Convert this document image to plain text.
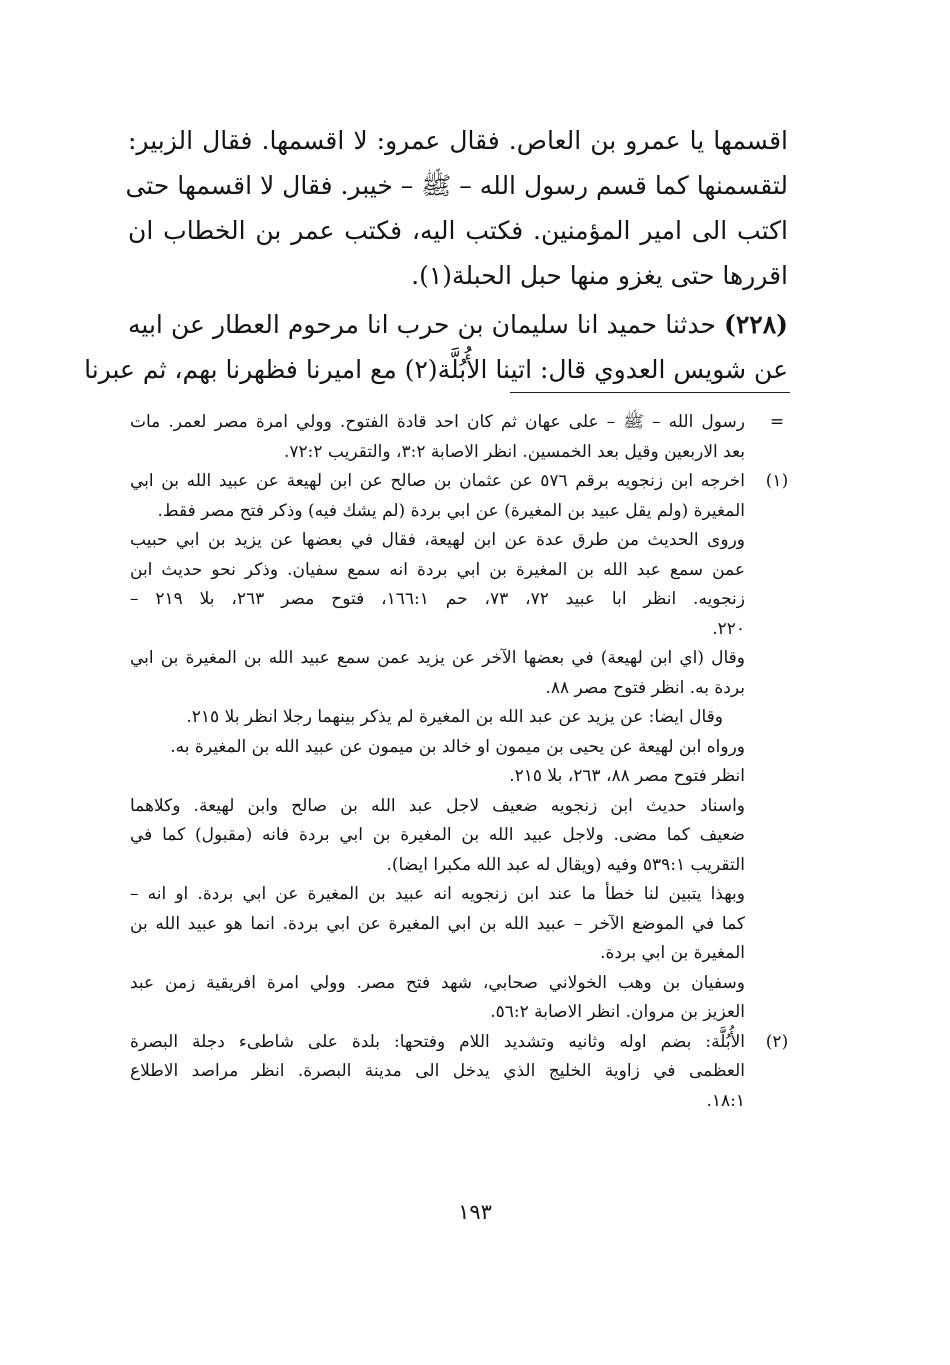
اقسمها يا عمرو بن العاص. فقال عمرو: لا اقسمها. فقال الزبير:
لتقسمنها كما قسم رسول الله – ﷺ – خيبر. فقال لا اقسمها حتى
اكتب الى امير المؤمنين. فكتب اليه، فكتب عمر بن الخطاب ان
اقررها حتى يغزو منها حبل الحبلة(١).
(٢٢٨) حدثنا حميد انا سليمان بن حرب انا مرحوم العطار عن ابيه
عن شويس العدوي قال: اتينا الأُبُلَّة(٢) مع اميرنا فظهرنا بهم، ثم عبرنا
=
رسول الله – ﷺ – على عهان ثم كان احد قادة الفتوح. وولي امرة مصر لعمر. مات
بعد الاربعين وقيل بعد الخمسين. انظر الاصابة ٣:٢، والتقريب ٧٢:٢.
(١)
اخرجه ابن زنجويه برقم ٥٧٦ عن عثمان بن صالح عن ابن لهيعة عن عبيد الله بن ابي
المغيرة (ولم يقل عبيد بن المغيرة) عن ابي بردة (لم يشك فيه) وذكر فتح مصر فقط.
وروى الحديث من طرق عدة عن ابن لهيعة، فقال في بعضها عن يزيد بن ابي حبيب
عمن سمع عبد الله بن المغيرة بن ابي بردة انه سمع سفيان. وذكر نحو حديث ابن
زنجويه. انظر ابا عبيد ٧٢، ٧٣، حم ١٦٦:١، فتوح مصر ٢٦٣، بلا ٢١٩ –
٢٢٠.
وقال (اي ابن لهيعة) في بعضها الآخر عن يزيد عمن سمع عبيد الله بن المغيرة بن ابي
بردة به. انظر فتوح مصر ٨٨.
وقال ايضا: عن يزيد عن عبد الله بن المغيرة لم يذكر بينهما رجلا انظر بلا ٢١٥.
ورواه ابن لهيعة عن يحيى بن ميمون او خالد بن ميمون عن عبيد الله بن المغيرة به.
انظر فتوح مصر ٨٨، ٢٦٣، بلا ٢١٥.
واسناد حديث ابن زنجويه ضعيف لاجل عبد الله بن صالح وابن لهيعة. وكلاهما
ضعيف كما مضى. ولاجل عبيد الله بن المغيرة بن ابي بردة فانه (مقبول) كما في
التقريب ٥٣٩:١ وفيه (ويقال له عبد الله مكبرا ايضا).
وبهذا يتبين لنا خطأ ما عند ابن زنجويه انه عبيد بن المغيرة عن ابي بردة. او انه –
كما في الموضع الآخر – عبيد الله بن ابي المغيرة عن ابي بردة. انما هو عبيد الله بن
المغيرة بن ابي بردة.
وسفيان بن وهب الخولاني صحابي، شهد فتح مصر. وولي امرة افريقية زمن عبد
العزيز بن مروان. انظر الاصابة ٥٦:٢.
(٢)
الأُبُلَّة: بضم اوله وثانيه وتشديد اللام وفتحها: بلدة على شاطىء دجلة البصرة
العظمى في زاوية الخليج الذي يدخل الى مدينة البصرة. انظر مراصد الاطلاع
١٨:١.
١٩٣
